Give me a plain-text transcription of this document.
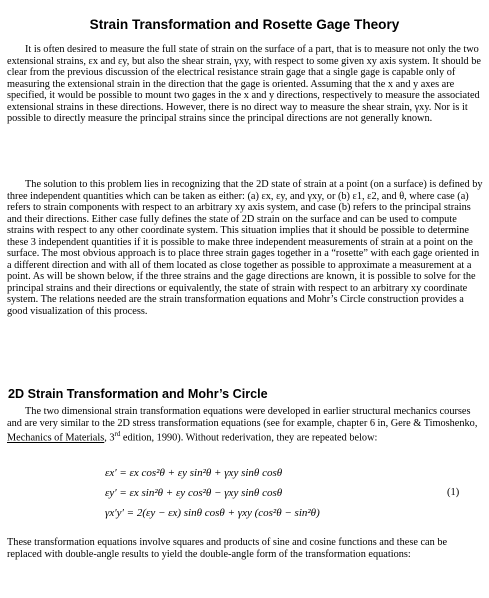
Strain Transformation and Rosette Gage Theory

It is often desired to measure the full state of strain on the surface of a part, that is to measure not only the two extensional strains, εx and εy, but also the shear strain, γxy, with respect to some given xy axis system. It should be clear from the previous discussion of the electrical resistance strain gage that a single gage is capable only of measuring the extensional strain in the direction that the gage is oriented. Assuming that the x and y axes are specified, it would be possible to mount two gages in the x and y directions, respectively to measure the associated extensional strains in these directions. However, there is no direct way to measure the shear strain, γxy. Nor is it possible to directly measure the principal strains since the principal directions are not generally known.

The solution to this problem lies in recognizing that the 2D state of strain at a point (on a surface) is defined by three independent quantities which can be taken as either: (a) εx, εy, and γxy, or (b) ε1, ε2, and θ, where case (a) refers to strain components with respect to an arbitrary xy axis system, and case (b) refers to the principal strains and their directions. Either case fully defines the state of 2D strain on the surface and can be used to compute strains with respect to any other coordinate system. This situation implies that it should be possible to determine these 3 independent quantities if it is possible to make three independent measurements of strain at a point on the surface. The most obvious approach is to place three strain gages together in a “rosette” with each gage oriented in a different direction and with all of them located as close together as possible to approximate a measurement at a point. As will be shown below, if the three strains and the gage directions are known, it is possible to solve for the principal strains and their directions or equivalently, the state of strain with respect to an arbitrary xy coordinate system. The relations needed are the strain transformation equations and Mohr’s Circle construction provides a good visualization of this process.

2D Strain Transformation and Mohr’s Circle

The two dimensional strain transformation equations were developed in earlier structural mechanics courses and are very similar to the 2D stress transformation equations (see for example, chapter 6 in, Gere & Timoshenko, Mechanics of Materials, 3rd edition, 1990). Without rederivation, they are repeated below:

εx′ = εx cos²θ + εy sin²θ + γxy sinθ cosθ
εy′ = εx sin²θ + εy cos²θ − γxy sinθ cosθ
γx′y′ = 2(εy − εx) sinθ cosθ + γxy (cos²θ − sin²θ)
(1)

These transformation equations involve squares and products of sine and cosine functions and these can be replaced with double-angle results to yield the double-angle form of the transformation equations:
